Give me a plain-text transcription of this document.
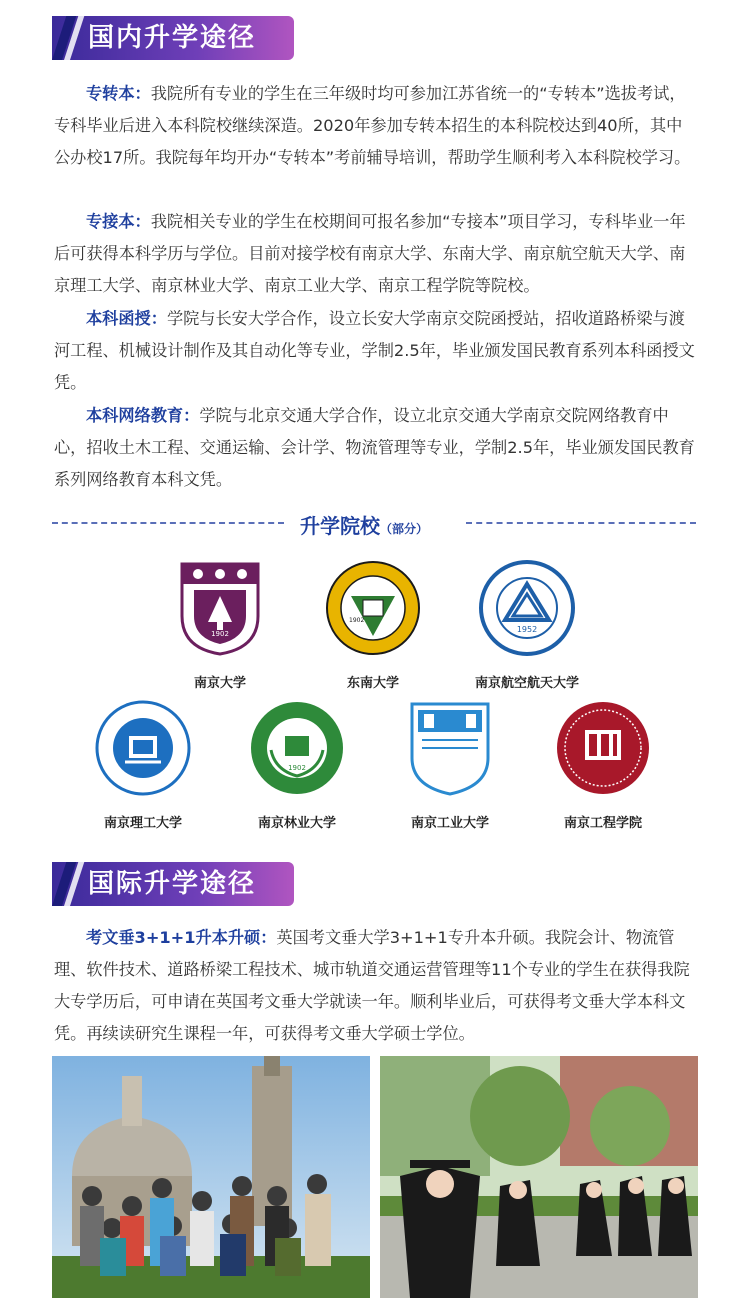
国内升学途径
专转本：我院所有专业的学生在三年级时均可参加江苏省统一的“专转本”选拔考试，专科毕业后进入本科院校继续深造。2020年参加专转本招生的本科院校达到40所，其中公办校17所。我院每年均开办“专转本”考前辅导培训，帮助学生顺利考入本科院校学习。
专接本：我院相关专业的学生在校期间可报名参加“专接本”项目学习，专科毕业一年后可获得本科学历与学位。目前对接学校有南京大学、东南大学、南京航空航天大学、南京理工大学、南京林业大学、南京工业大学、南京工程学院等院校。
本科函授：学院与长安大学合作，设立长安大学南京交院函授站，招收道路桥梁与渡河工程、机械设计制作及其自动化等专业，学制2.5年，毕业颁发国民教育系列本科函授文凭。
本科网络教育：学院与北京交通大学合作，设立北京交通大学南京交院网络教育中心，招收土木工程、交通运输、会计学、物流管理等专业，学制2.5年，毕业颁发国民教育系列网络教育本科文凭。
升学院校（部分）
1902
南京大学
1902
东南大学
1952
南京航空航天大学
南京理工大学
1902
南京林业大学	南京工业大学	南京工程学院
国际升学途径
考文垂3+1+1升本升硕：英国考文垂大学3+1+1专升本升硕。我院会计、物流管理、软件技术、道路桥梁工程技术、城市轨道交通运营管理等11个专业的学生在获得我院大专学历后，可申请在英国考文垂大学就读一年。顺利毕业后，可获得考文垂大学本科文凭。再续读研究生课程一年，可获得考文垂大学硕士学位。
